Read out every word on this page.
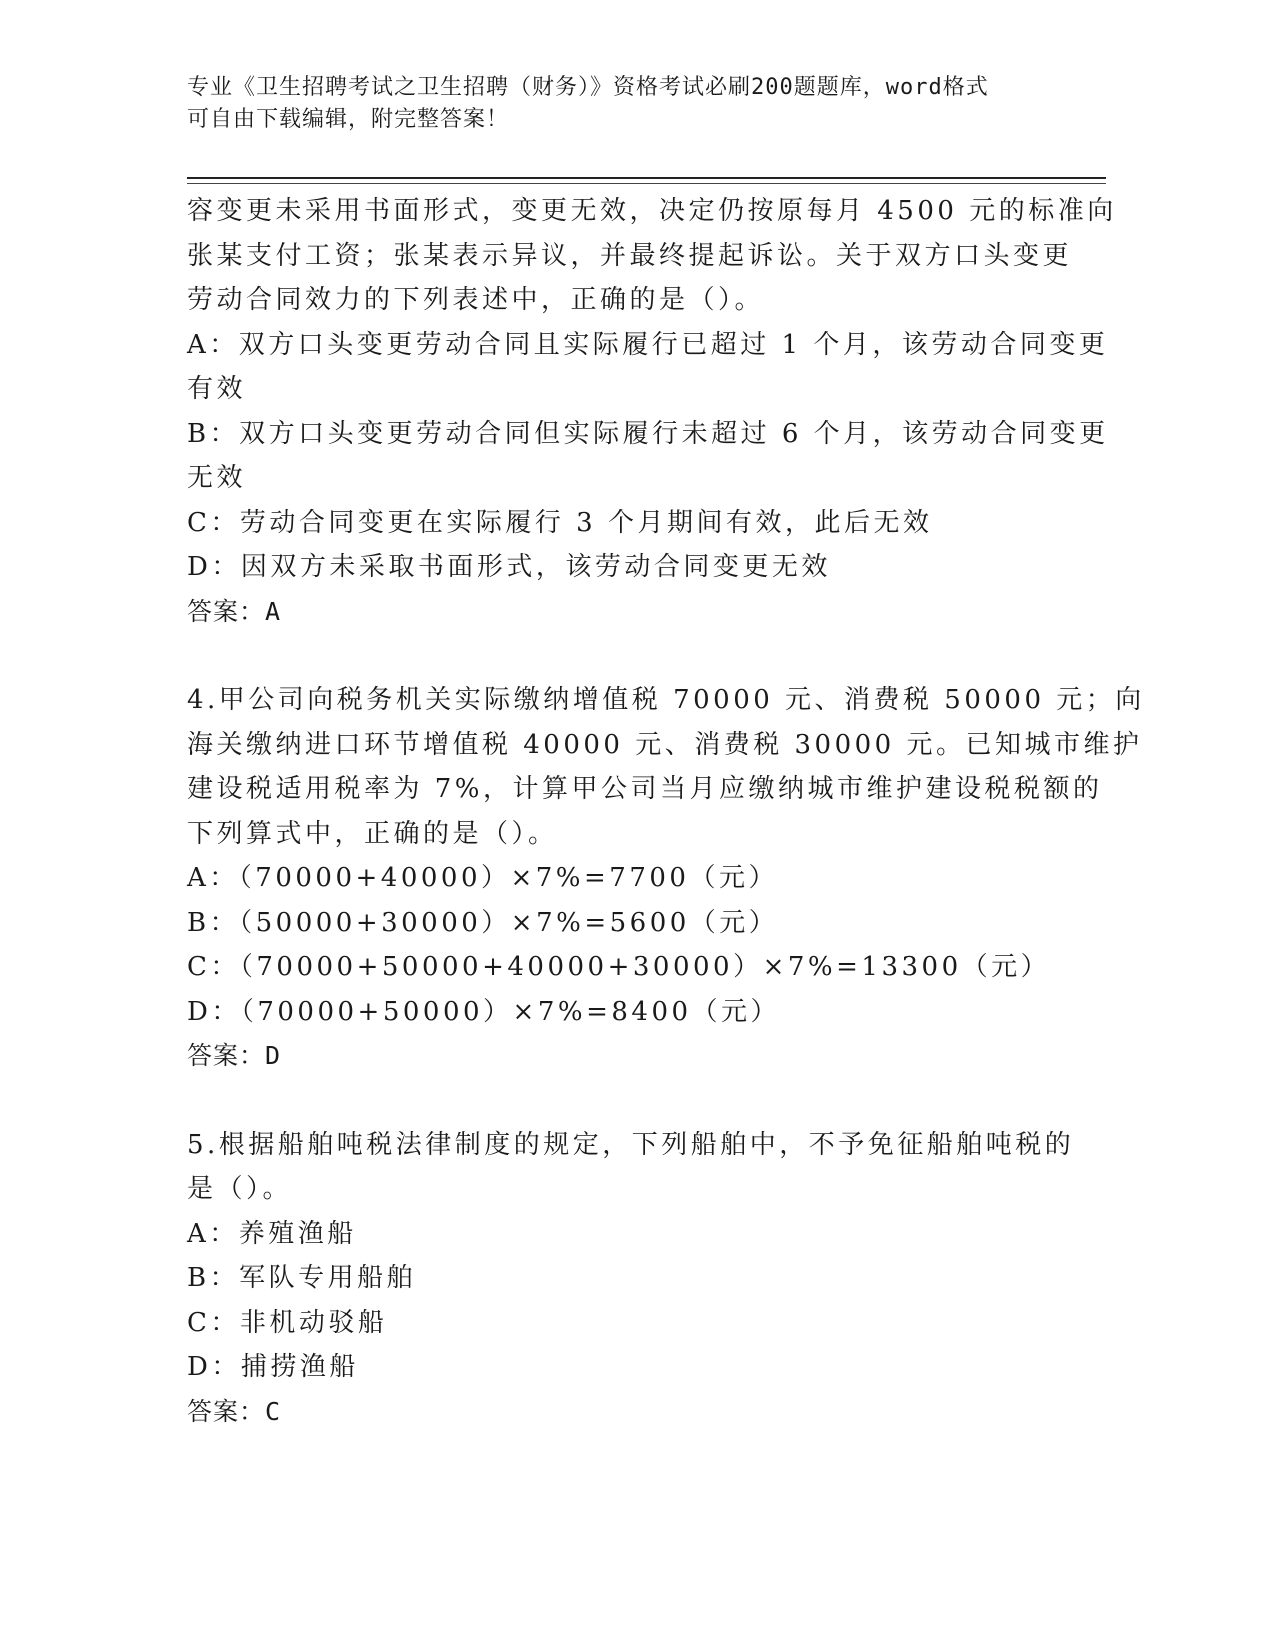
专业《卫生招聘考试之卫生招聘（财务）》资格考试必刷200题题库，word格式

可自由下载编辑，附完整答案！

容变更未采用书面形式，变更无效，决定仍按原每月 4500 元的标准向

张某支付工资；张某表示异议，并最终提起诉讼。关于双方口头变更

劳动合同效力的下列表述中，正确的是（）。

A：双方口头变更劳动合同且实际履行已超过 1 个月，该劳动合同变更

有效

B：双方口头变更劳动合同但实际履行未超过 6 个月，该劳动合同变更

无效

C：劳动合同变更在实际履行 3 个月期间有效，此后无效

D：因双方未采取书面形式，该劳动合同变更无效

答案：A

4.甲公司向税务机关实际缴纳增值税 70000 元、消费税 50000 元；向

海关缴纳进口环节增值税 40000 元、消费税 30000 元。已知城市维护

建设税适用税率为 7%，计算甲公司当月应缴纳城市维护建设税税额的

下列算式中，正确的是（）。

A：（70000+40000）×7%=7700（元）

B：（50000+30000）×7%=5600（元）

C：（70000+50000+40000+30000）×7%=13300（元）

D：（70000+50000）×7%=8400（元）

答案：D

5.根据船舶吨税法律制度的规定，下列船舶中，不予免征船舶吨税的

是（）。

A：养殖渔船

B：军队专用船舶

C：非机动驳船

D：捕捞渔船

答案：C
